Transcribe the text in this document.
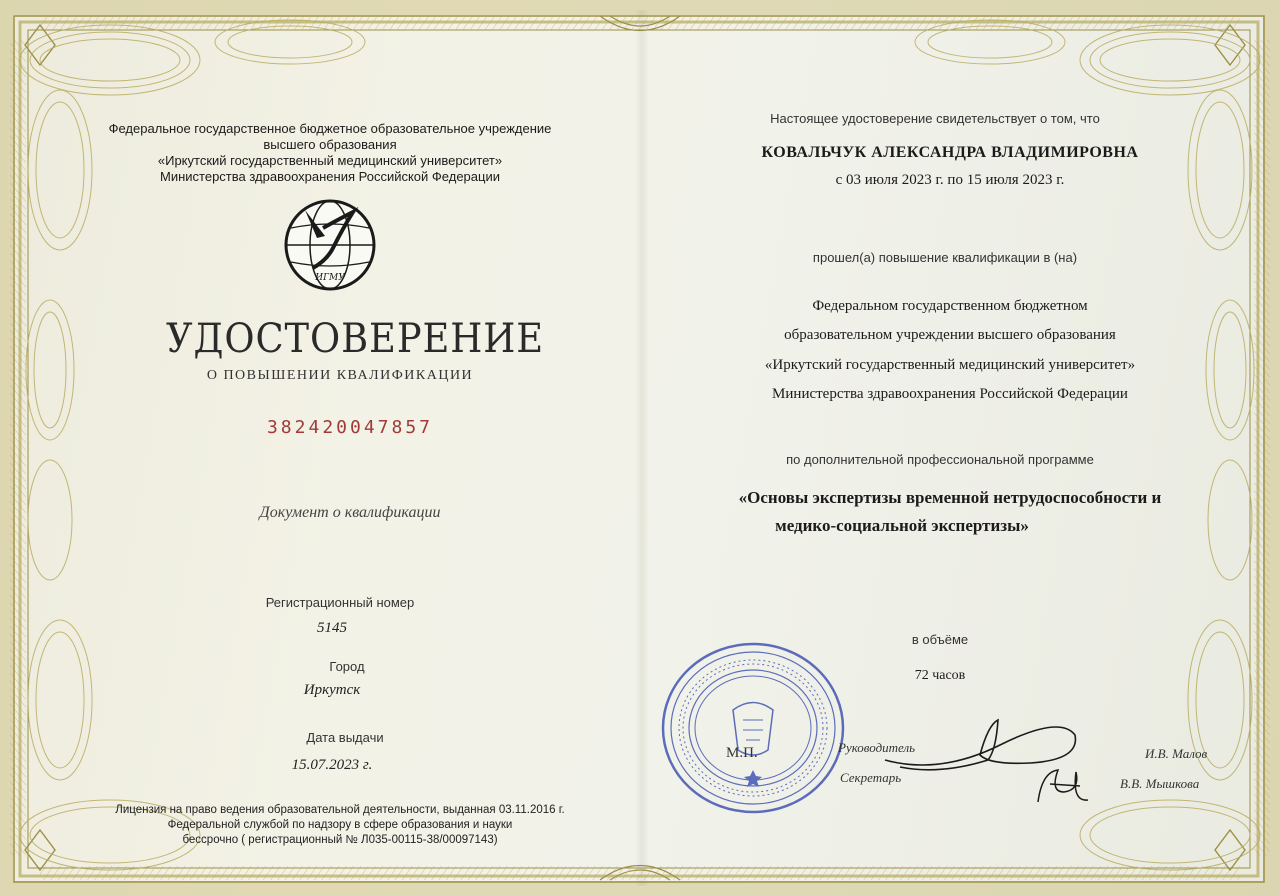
Федеральное государственное бюджетное образовательное учреждение
высшего образования
«Иркутский государственный медицинский университет»
Министерства здравоохранения Российской Федерации
ИГМУ
УДОСТОВЕРЕНИЕ
О ПОВЫШЕНИИ КВАЛИФИКАЦИИ
382420047857
Документ о квалификации
Регистрационный номер
5145
Город
Иркутск
Дата выдачи
15.07.2023 г.
Лицензия на право ведения образовательной деятельности, выданная 03.11.2016 г.
Федеральной службой по надзору в сфере образования и науки
бессрочно ( регистрационный № Л035-00115-38/00097143)
Настоящее удостоверение свидетельствует о том, что
КОВАЛЬЧУК АЛЕКСАНДРА ВЛАДИМИРОВНА
с 03 июля 2023 г. по 15 июля 2023 г.
прошел(а) повышение квалификации в (на)
Федеральном государственном бюджетном
образовательном учреждении высшего образования
«Иркутский государственный медицинский университет»
Министерства здравоохранения Российской Федерации
по дополнительной профессиональной программе
«Основы экспертизы временной нетрудоспособности и
медико-социальной экспертизы»
в объёме
72 часов
М.П.	Руководитель	И.В. Малов
Секретарь	В.В. Мышкова
